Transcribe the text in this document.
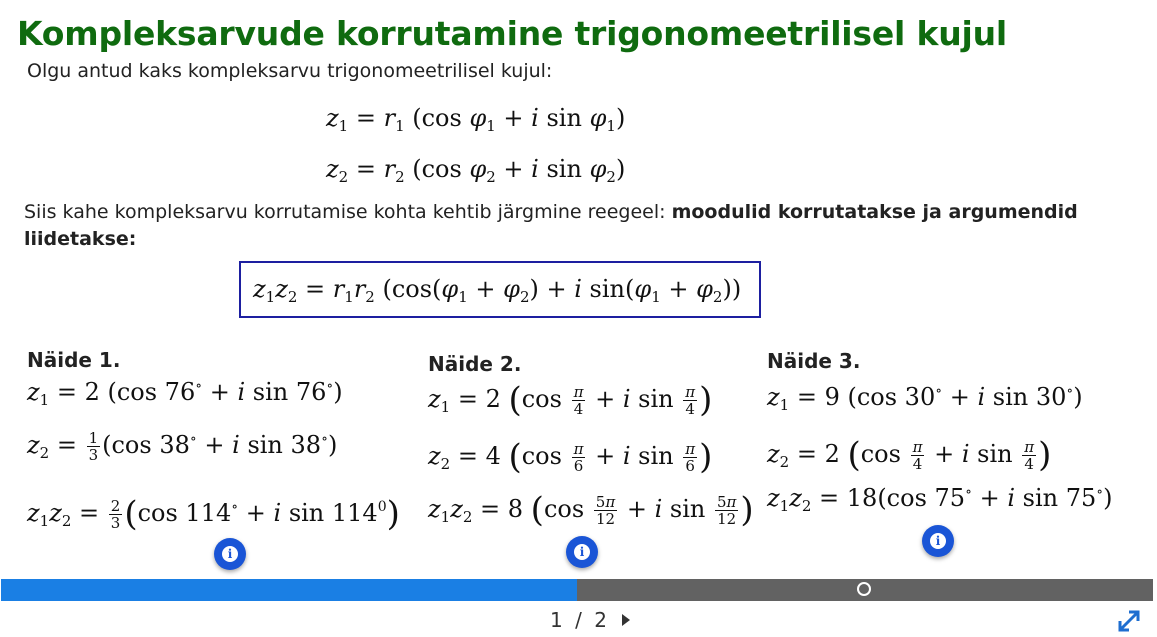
Kompleksarvude korrutamine trigonomeetrilisel kujul
Olgu antud kaks kompleksarvu trigonomeetrilisel kujul:
$z_1 = r_1$ (cos $\varphi_1 + i$ $\sin \varphi_1$)
$z_2 = r_2$ (cos $\varphi_2 + i$ $\sin \varphi_2$)
Siis kahe kompleksarvu korrutamise kohta kehtib järgmine reegeel: moodulid korrutatakse ja argumendid liidetakse:
$z_1z_2 = r_1r_2$ ($\cos(\varphi_1 + \varphi_2) + i$ $\sin(\varphi_1 + \varphi_2)$)
Näide 1.
$z_1 = 2$ (cos 76∘ + i sin 76∘)
$z_2 = \frac{1}{3} (\cos$ 38∘ + i sin 38∘)
$z_1z_2 = \frac{2}{3} (\cos$ 114∘ + i $\sin 114^0$)
i
Näide 2.
$z_1 = 2$ ($\cos \frac{\pi}{4} + i$ $\sin \frac{\pi}{4}$ )
$z_2 = 4$ ($\cos \frac{\pi}{6} + i$ $\sin \frac{\pi}{6}$ )
$z_1z_2 = 8$ ($\cos \frac{5\pi}{12} + i$ $\sin \frac{5\pi}{12}$ )
i
Näide 3.
$z_1 = 9$ (cos 30∘ + i sin 30∘)
$z_2 = 2$ ($\cos \frac{\pi}{4} + i$ $\sin \frac{\pi}{4}$ )
$z_1z_2 = 18(\cos$ 75∘ + i sin 75∘)
i
1 / 2
